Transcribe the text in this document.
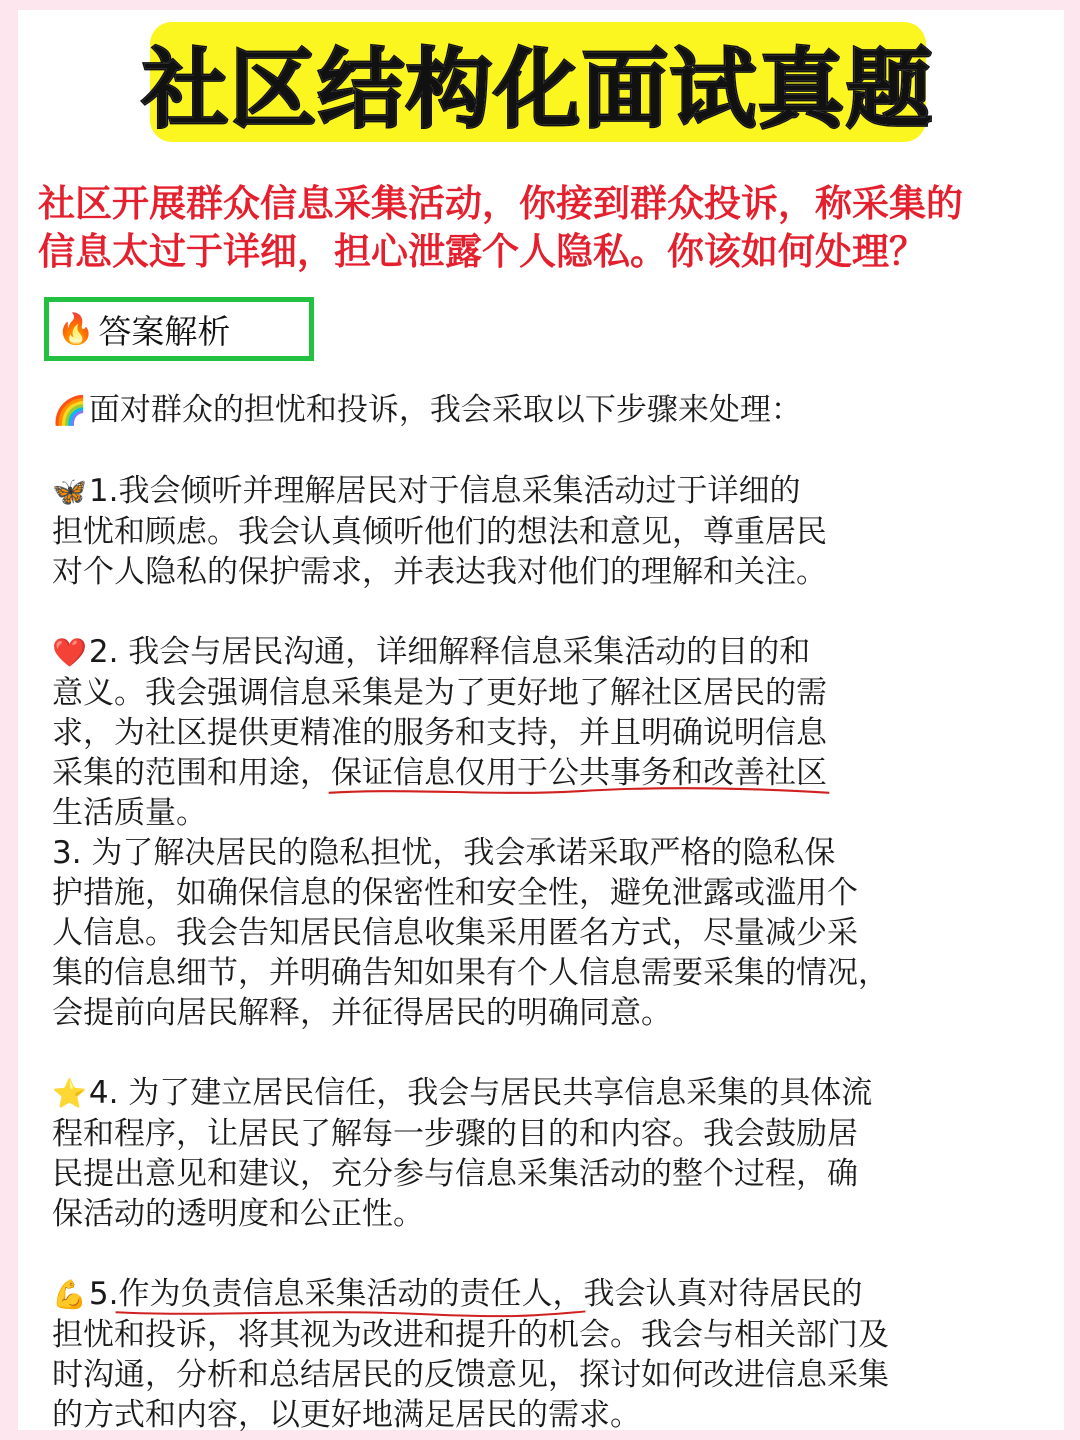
社区结构化面试真题
社区开展群众信息采集活动，你接到群众投诉，称采集的
信息太过于详细，担心泄露个人隐私。你该如何处理？
🔥 答案解析
🌈面对群众的担忧和投诉，我会采取以下步骤来处理：
🦋1.我会倾听并理解居民对于信息采集活动过于详细的
担忧和顾虑。我会认真倾听他们的想法和意见，尊重居民
对个人隐私的保护需求，并表达我对他们的理解和关注。
❤️2. 我会与居民沟通，详细解释信息采集活动的目的和
意义。我会强调信息采集是为了更好地了解社区居民的需
求，为社区提供更精准的服务和支持，并且明确说明信息
采集的范围和用途，保证信息仅用于公共事务和改善社区
生活质量。
3. 为了解决居民的隐私担忧，我会承诺采取严格的隐私保
护措施，如确保信息的保密性和安全性，避免泄露或滥用个
人信息。我会告知居民信息收集采用匿名方式，尽量减少采
集的信息细节，并明确告知如果有个人信息需要采集的情况，
会提前向居民解释，并征得居民的明确同意。
⭐4. 为了建立居民信任，我会与居民共享信息采集的具体流
程和程序，让居民了解每一步骤的目的和内容。我会鼓励居
民提出意见和建议，充分参与信息采集活动的整个过程，确
保活动的透明度和公正性。
💪5.作为负责信息采集活动的责任人，
我会认真对待居民的
担忧和投诉，将其视为改进和提升的机会。我会与相关部门及
时沟通，分析和总结居民的反馈意见，探讨如何改进信息采集
的方式和内容，以更好地满足居民的需求。
